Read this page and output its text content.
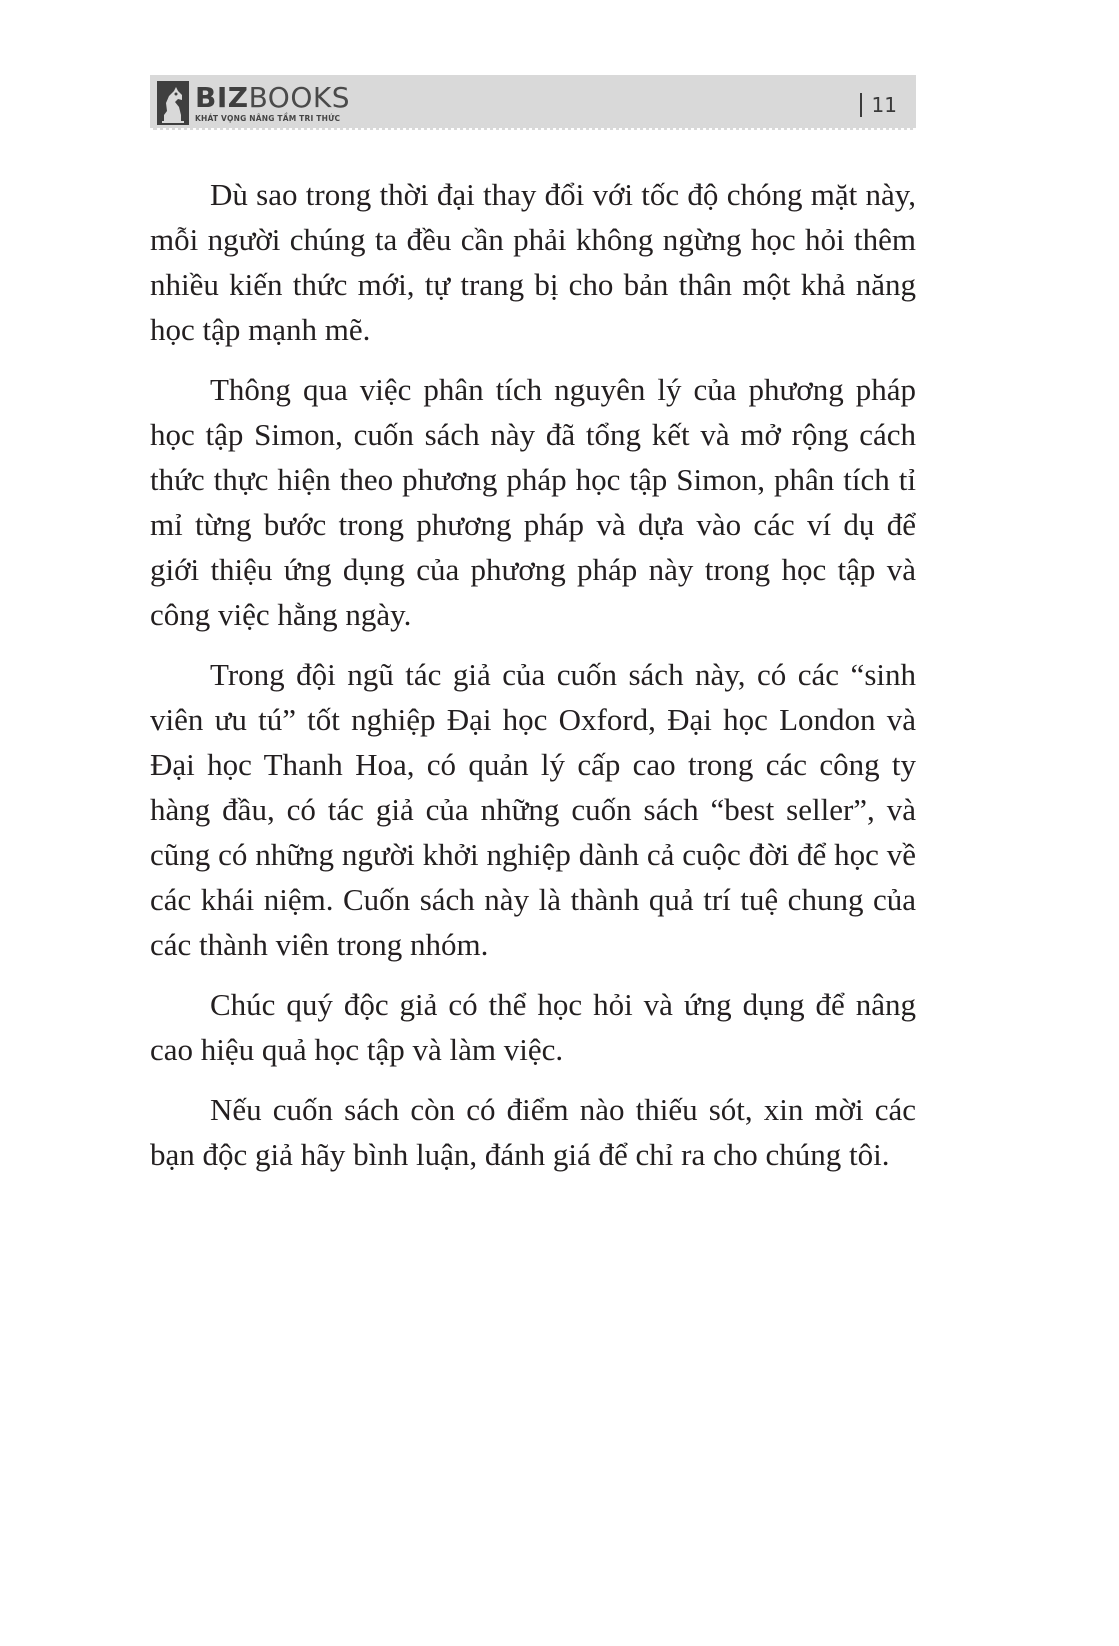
BIZBOOKS
KHÁT VỌNG NÂNG TẦM TRI THỨC
11

Dù sao trong thời đại thay đổi với tốc độ chóng mặt này, mỗi người chúng ta đều cần phải không ngừng học hỏi thêm nhiều kiến thức mới, tự trang bị cho bản thân một khả năng học tập mạnh mẽ.

Thông qua việc phân tích nguyên lý của phương pháp học tập Simon, cuốn sách này đã tổng kết và mở rộng cách thức thực hiện theo phương pháp học tập Simon, phân tích tỉ mỉ từng bước trong phương pháp và dựa vào các ví dụ để giới thiệu ứng dụng của phương pháp này trong học tập và công việc hằng ngày.

Trong đội ngũ tác giả của cuốn sách này, có các “sinh viên ưu tú” tốt nghiệp Đại học Oxford, Đại học London và Đại học Thanh Hoa, có quản lý cấp cao trong các công ty hàng đầu, có tác giả của những cuốn sách “best seller”, và cũng có những người khởi nghiệp dành cả cuộc đời để học về các khái niệm. Cuốn sách này là thành quả trí tuệ chung của các thành viên trong nhóm.

Chúc quý độc giả có thể học hỏi và ứng dụng để nâng cao hiệu quả học tập và làm việc.

Nếu cuốn sách còn có điểm nào thiếu sót, xin mời các bạn độc giả hãy bình luận, đánh giá để chỉ ra cho chúng tôi.
